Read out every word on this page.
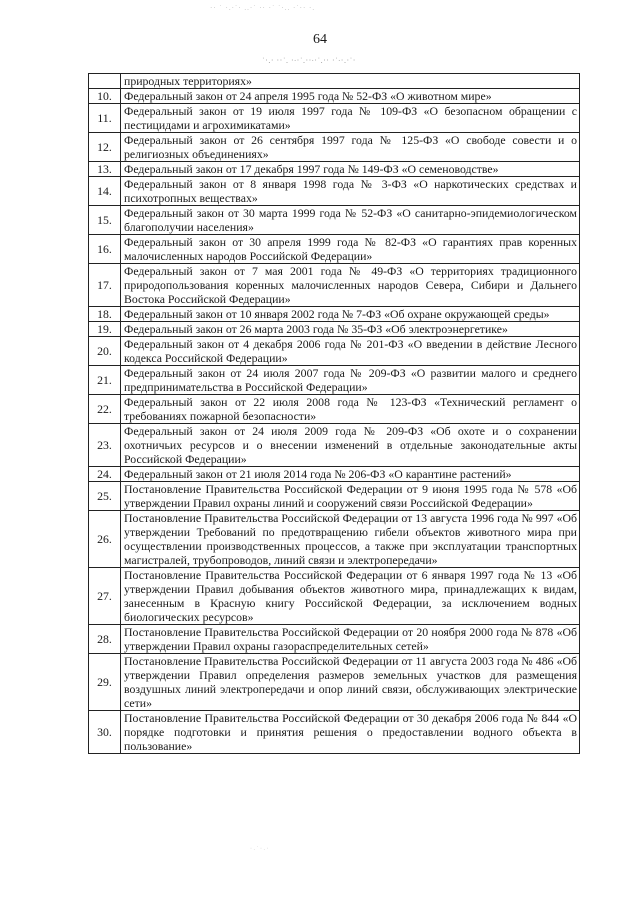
·· ˙ ·.·˙· ..·˙ ·· ·˙ ˙·.. ·˙·· ·.
64
˙·.· ··˙. ·∙·˙.··∙·˙.·· ·˙∙·.·˙·
	природных территориях»
10.	Федеральный закон от 24 апреля 1995 года № 52-ФЗ «О животном мире»
11.	Федеральный закон от 19 июля 1997 года № 109-ФЗ «О безопасном обращении с пестицидами и агрохимикатами»
12.	Федеральный закон от 26 сентября 1997 года № 125-ФЗ «О свободе совести и о религиозных объединениях»
13.	Федеральный закон от 17 декабря 1997 года № 149-ФЗ «О семеноводстве»
14.	Федеральный закон от 8 января 1998 года № 3-ФЗ «О наркотических средствах и психотропных веществах»
15.	Федеральный закон от 30 марта 1999 года № 52-ФЗ «О санитарно-эпидемиологическом благополучии населения»
16.	Федеральный закон от 30 апреля 1999 года № 82-ФЗ «О гарантиях прав коренных малочисленных народов Российской Федерации»
17.	Федеральный закон от 7 мая 2001 года № 49-ФЗ «О территориях традиционного природопользования коренных малочисленных народов Севера, Сибири и Дальнего Востока Российской Федерации»
18.	Федеральный закон от 10 января 2002 года № 7-ФЗ «Об охране окружающей среды»
19.	Федеральный закон от 26 марта 2003 года № 35-ФЗ «Об электроэнергетике»
20.	Федеральный закон от 4 декабря 2006 года № 201-ФЗ «О введении в действие Лесного кодекса Российской Федерации»
21.	Федеральный закон от 24 июля 2007 года № 209-ФЗ «О развитии малого и среднего предпринимательства в Российской Федерации»
22.	Федеральный закон от 22 июля 2008 года № 123-ФЗ «Технический регламент о требованиях пожарной безопасности»
23.	Федеральный закон от 24 июля 2009 года № 209-ФЗ «Об охоте и о сохранении охотничьих ресурсов и о внесении изменений в отдельные законодательные акты Российской Федерации»
24.	Федеральный закон от 21 июля 2014 года № 206-ФЗ «О карантине растений»
25.	Постановление Правительства Российской Федерации от 9 июня 1995 года № 578 «Об утверждении Правил охраны линий и сооружений связи Российской Федерации»
26.	Постановление Правительства Российской Федерации от 13 августа 1996 года № 997 «Об утверждении Требований по предотвращению гибели объектов животного мира при осуществлении производственных процессов, а также при эксплуатации транспортных магистралей, трубопроводов, линий связи и электропередачи»
27.	Постановление Правительства Российской Федерации от 6 января 1997 года № 13 «Об утверждении Правил добывания объектов животного мира, принадлежащих к видам, занесенным в Красную книгу Российской Федерации, за исключением водных биологических ресурсов»
28.	Постановление Правительства Российской Федерации от 20 ноября 2000 года № 878 «Об утверждении Правил охраны газораспределительных сетей»
29.	Постановление Правительства Российской Федерации от 11 августа 2003 года № 486 «Об утверждении Правил определения размеров земельных участков для размещения воздушных линий электропередачи и опор линий связи, обслуживающих электрические сети»
30.	Постановление Правительства Российской Федерации от 30 декабря 2006 года № 844 «О порядке подготовки и принятия решения о предоставлении водного объекта в пользование»
· . ˙ · . ·
